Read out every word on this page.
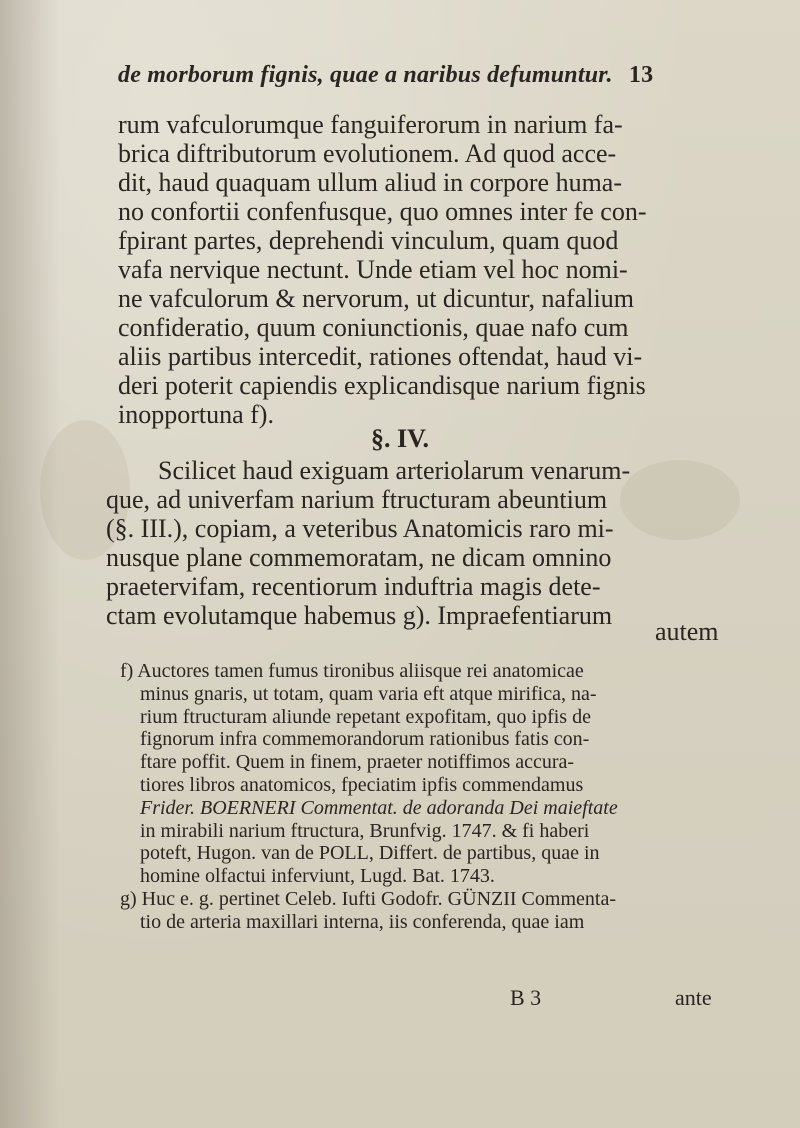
de morborum fignis, quae a naribus defumuntur. 13
rum vafculorumque fanguiferorum in narium fa-
brica diftributorum evolutionem. Ad quod acce-
dit, haud quaquam ullum aliud in corpore huma-
no confortii confenfusque, quo omnes inter fe con-
fpirant partes, deprehendi vinculum, quam quod
vafa nervique nectunt. Unde etiam vel hoc nomi-
ne vafculorum & nervorum, ut dicuntur, nafalium
confideratio, quum coniunctionis, quae nafo cum
aliis partibus intercedit, rationes oftendat, haud vi-
deri poterit capiendis explicandisque narium fignis
inopportuna f).
§. IV.
Scilicet haud exiguam arteriolarum venarum-
que, ad univerfam narium ftructuram abeuntium
(§. III.), copiam, a veteribus Anatomicis raro mi-
nusque plane commemoratam, ne dicam omnino
praetervifam, recentiorum induftria magis dete-
ctam evolutamque habemus g). Impraefentiarum
autem
f) Auctores tamen fumus tironibus aliisque rei anatomicae
minus gnaris, ut totam, quam varia eft atque mirifica, na-
rium ftructuram aliunde repetant expofitam, quo ipfis de
fignorum infra commemorandorum rationibus fatis con-
ftare poffit. Quem in finem, praeter notiffimos accura-
tiores libros anatomicos, fpeciatim ipfis commendamus
Frider. BOERNERI Commentat. de adoranda Dei maieftate
in mirabili narium ftructura, Brunfvig. 1747. & fi haberi
poteft, Hugon. van de POLL, Differt. de partibus, quae in
homine olfactui inferviunt, Lugd. Bat. 1743.
g) Huc e. g. pertinet Celeb. Iufti Godofr. GÜNZII Commenta-
tio de arteria maxillari interna, iis conferenda, quae iam
B 3	ante
